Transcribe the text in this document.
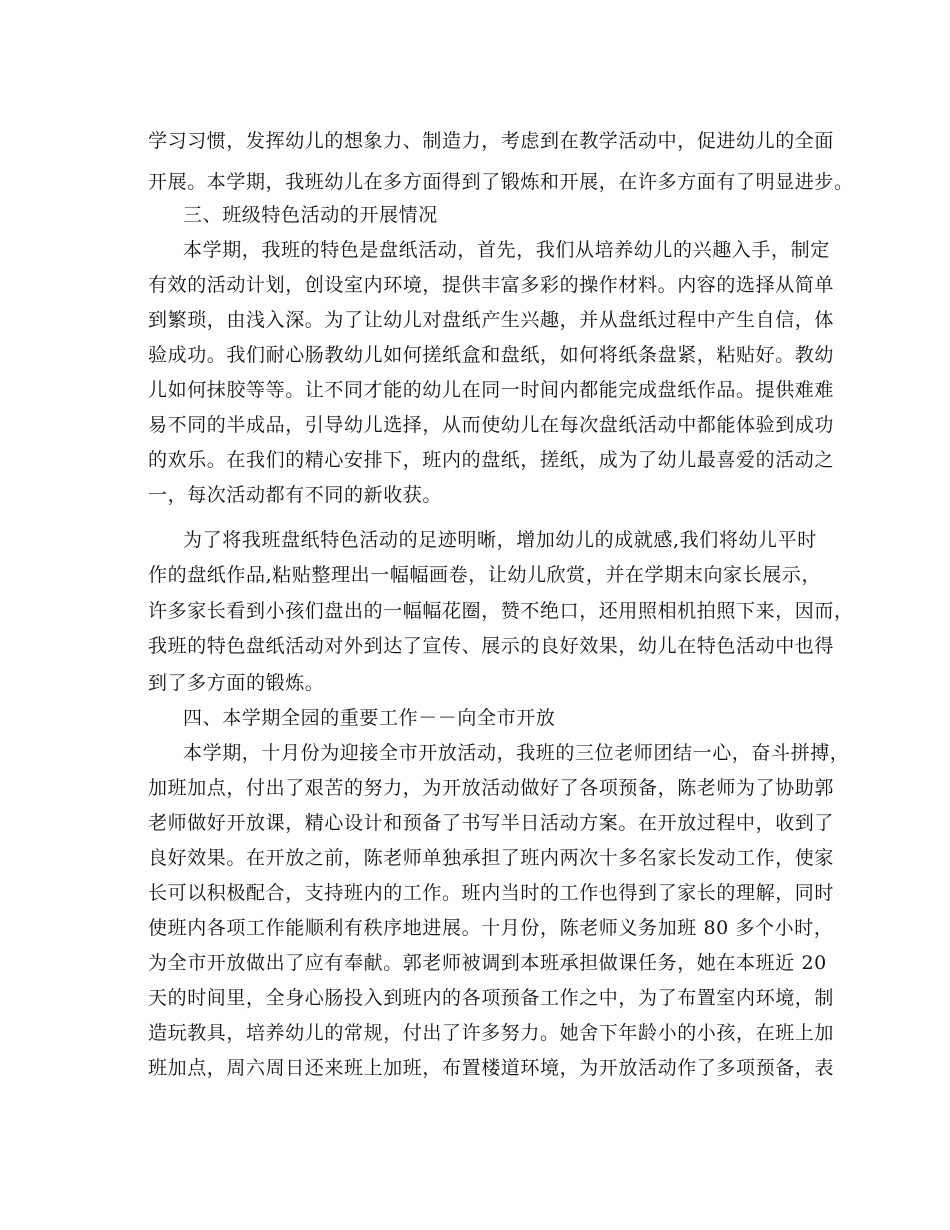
学习习惯，发挥幼儿的想象力、制造力，考虑到在教学活动中，促进幼儿的全面
开展。本学期，我班幼儿在多方面得到了锻炼和开展，在许多方面有了明显进步。
三、班级特色活动的开展情况
本学期，我班的特色是盘纸活动，首先，我们从培养幼儿的兴趣入手，制定
有效的活动计划，创设室内环境，提供丰富多彩的操作材料。内容的选择从简单
到繁琐，由浅入深。为了让幼儿对盘纸产生兴趣，并从盘纸过程中产生自信，体
验成功。我们耐心肠教幼儿如何搓纸盒和盘纸，如何将纸条盘紧，粘贴好。教幼
儿如何抹胶等等。让不同才能的幼儿在同一时间内都能完成盘纸作品。提供难难
易不同的半成品，引导幼儿选择，从而使幼儿在每次盘纸活动中都能体验到成功
的欢乐。在我们的精心安排下，班内的盘纸，搓纸，成为了幼儿最喜爱的活动之
一，每次活动都有不同的新收获。
为了将我班盘纸特色活动的足迹明晰，增加幼儿的成就感,我们将幼儿平时
作的盘纸作品,粘贴整理出一幅幅画卷，让幼儿欣赏，并在学期末向家长展示，
许多家长看到小孩们盘出的一幅幅花圈，赞不绝口，还用照相机拍照下来，因而，
我班的特色盘纸活动对外到达了宣传、展示的良好效果，幼儿在特色活动中也得
到了多方面的锻炼。
四、本学期全园的重要工作－－向全市开放
本学期，十月份为迎接全市开放活动，我班的三位老师团结一心，奋斗拼搏，
加班加点，付出了艰苦的努力，为开放活动做好了各项预备，陈老师为了协助郭
老师做好开放课，精心设计和预备了书写半日活动方案。在开放过程中，收到了
良好效果。在开放之前，陈老师单独承担了班内两次十多名家长发动工作，使家
长可以积极配合，支持班内的工作。班内当时的工作也得到了家长的理解，同时
使班内各项工作能顺利有秩序地进展。十月份，陈老师义务加班 80 多个小时，
为全市开放做出了应有奉献。郭老师被调到本班承担做课任务，她在本班近 20
天的时间里，全身心肠投入到班内的各项预备工作之中，为了布置室内环境，制
造玩教具，培养幼儿的常规，付出了许多努力。她舍下年龄小的小孩，在班上加
班加点，周六周日还来班上加班，布置楼道环境，为开放活动作了多项预备，表
